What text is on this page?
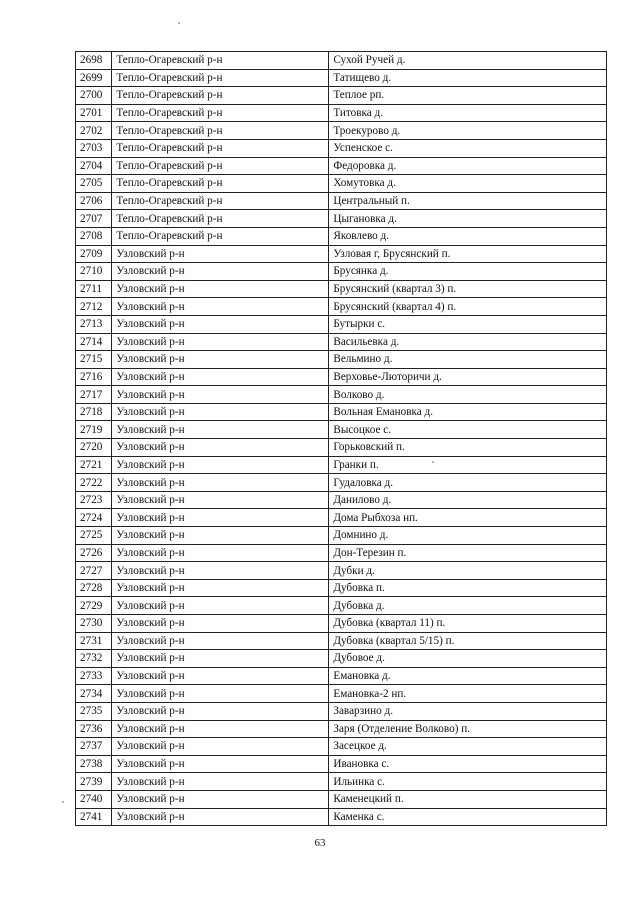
2698	Тепло-Огаревский р-н	Сухой Ручей д.
2699	Тепло-Огаревский р-н	Татищево д.
2700	Тепло-Огаревский р-н	Теплое рп.
2701	Тепло-Огаревский р-н	Титовка д.
2702	Тепло-Огаревский р-н	Троекурово д.
2703	Тепло-Огаревский р-н	Успенское с.
2704	Тепло-Огаревский р-н	Федоровка д.
2705	Тепло-Огаревский р-н	Хомутовка д.
2706	Тепло-Огаревский р-н	Центральный п.
2707	Тепло-Огаревский р-н	Цыгановка д.
2708	Тепло-Огаревский р-н	Яковлево д.
2709	Узловский р-н	Узловая г, Брусянский п.
2710	Узловский р-н	Брусянка д.
2711	Узловский р-н	Брусянский (квартал 3) п.
2712	Узловский р-н	Брусянский (квартал 4) п.
2713	Узловский р-н	Бутырки с.
2714	Узловский р-н	Васильевка д.
2715	Узловский р-н	Вельмино д.
2716	Узловский р-н	Верховье-Люторичи д.
2717	Узловский р-н	Волково д.
2718	Узловский р-н	Вольная Емановка д.
2719	Узловский р-н	Высоцкое с.
2720	Узловский р-н	Горьковский п.
2721	Узловский р-н	Гранки п.
2722	Узловский р-н	Гудаловка д.
2723	Узловский р-н	Данилово д.
2724	Узловский р-н	Дома Рыбхоза нп.
2725	Узловский р-н	Домнино д.
2726	Узловский р-н	Дон-Терезин п.
2727	Узловский р-н	Дубки д.
2728	Узловский р-н	Дубовка п.
2729	Узловский р-н	Дубовка д.
2730	Узловский р-н	Дубовка (квартал 11) п.
2731	Узловский р-н	Дубовка (квартал 5/15) п.
2732	Узловский р-н	Дубовое д.
2733	Узловский р-н	Емановка д.
2734	Узловский р-н	Емановка-2 нп.
2735	Узловский р-н	Заварзино д.
2736	Узловский р-н	Заря (Отделение Волково) п.
2737	Узловский р-н	Засецкое д.
2738	Узловский р-н	Ивановка с.
2739	Узловский р-н	Ильинка с.
2740	Узловский р-н	Каменецкий п.
2741	Узловский р-н	Каменка с.
63
